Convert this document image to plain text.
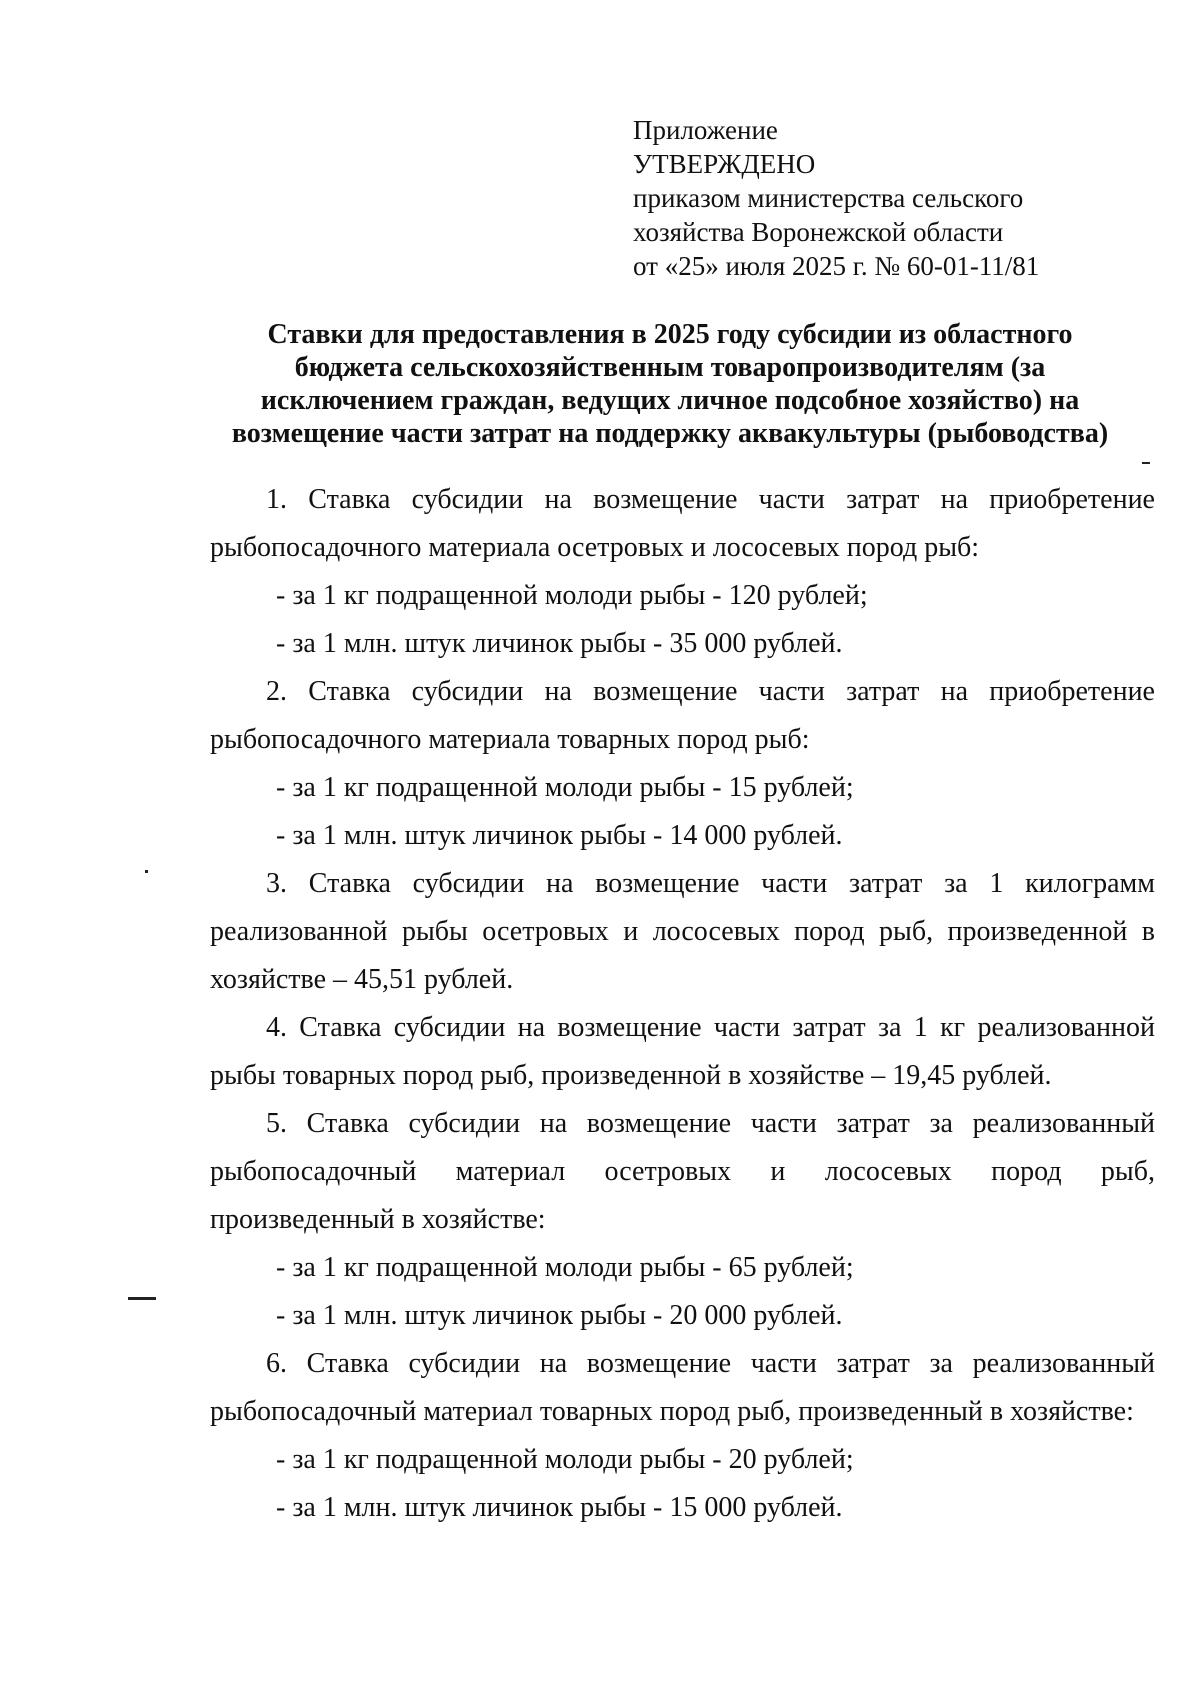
Приложение
УТВЕРЖДЕНО
приказом министерства сельского
хозяйства Воронежской области
от «25» июля 2025 г. № 60-01-11/81
Ставки для предоставления в 2025 году субсидии из областного
бюджета сельскохозяйственным товаропроизводителям (за
исключением граждан, ведущих личное подсобное хозяйство) на
возмещение части затрат на поддержку аквакультуры (рыбоводства)
1. Ставка субсидии на возмещение части затрат на приобретение
рыбопосадочного материала осетровых и лососевых пород рыб:
- за 1 кг подращенной молоди рыбы - 120 рублей;
- за 1 млн. штук личинок рыбы - 35 000 рублей.
2. Ставка субсидии на возмещение части затрат на приобретение
рыбопосадочного материала товарных пород рыб:
- за 1 кг подращенной молоди рыбы - 15 рублей;
- за 1 млн. штук личинок рыбы - 14 000 рублей.
3. Ставка субсидии на возмещение части затрат за 1 килограмм
реализованной рыбы осетровых и лососевых пород рыб, произведенной в
хозяйстве – 45,51 рублей.
4. Ставка субсидии на возмещение части затрат за 1 кг реализованной
рыбы товарных пород рыб, произведенной в хозяйстве – 19,45 рублей.
5. Ставка субсидии на возмещение части затрат за реализованный
рыбопосадочный материал осетровых и лососевых пород рыб,
произведенный в хозяйстве:
- за 1 кг подращенной молоди рыбы - 65 рублей;
- за 1 млн. штук личинок рыбы - 20 000 рублей.
6. Ставка субсидии на возмещение части затрат за реализованный
рыбопосадочный материал товарных пород рыб, произведенный в хозяйстве:
- за 1 кг подращенной молоди рыбы - 20 рублей;
- за 1 млн. штук личинок рыбы - 15 000 рублей.
